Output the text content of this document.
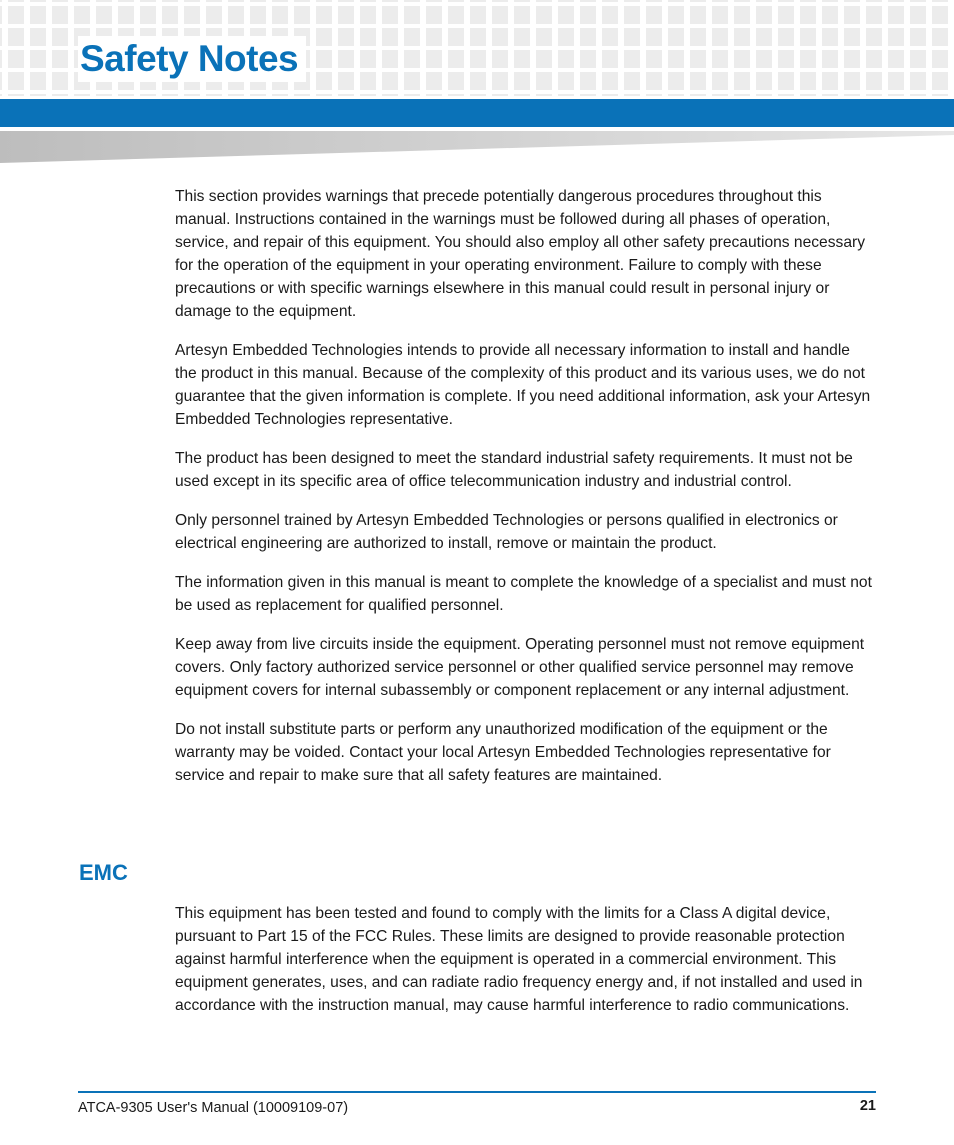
Safety Notes

This section provides warnings that precede potentially dangerous procedures throughout this manual. Instructions contained in the warnings must be followed during all phases of operation, service, and repair of this equipment. You should also employ all other safety precautions necessary for the operation of the equipment in your operating environment. Failure to comply with these precautions or with specific warnings elsewhere in this manual could result in personal injury or damage to the equipment.

Artesyn Embedded Technologies intends to provide all necessary information to install and handle the product in this manual. Because of the complexity of this product and its various uses, we do not guarantee that the given information is complete. If you need additional information, ask your Artesyn Embedded Technologies representative.

The product has been designed to meet the standard industrial safety requirements. It must not be used except in its specific area of office telecommunication industry and industrial control.

Only personnel trained by Artesyn Embedded Technologies or persons qualified in electronics or electrical engineering are authorized to install, remove or maintain the product.

The information given in this manual is meant to complete the knowledge of a specialist and must not be used as replacement for qualified personnel.

Keep away from live circuits inside the equipment. Operating personnel must not remove equipment covers. Only factory authorized service personnel or other qualified service personnel may remove equipment covers for internal subassembly or component replacement or any internal adjustment.

Do not install substitute parts or perform any unauthorized modification of the equipment or the warranty may be voided. Contact your local Artesyn Embedded Technologies representative for service and repair to make sure that all safety features are maintained.

EMC

This equipment has been tested and found to comply with the limits for a Class A digital device, pursuant to Part 15 of the FCC Rules. These limits are designed to provide reasonable protection against harmful interference when the equipment is operated in a commercial environment. This equipment generates, uses, and can radiate radio frequency energy and, if not installed and used in accordance with the instruction manual, may cause harmful interference to radio communications.

ATCA-9305 User's Manual (10009109-07)	21
